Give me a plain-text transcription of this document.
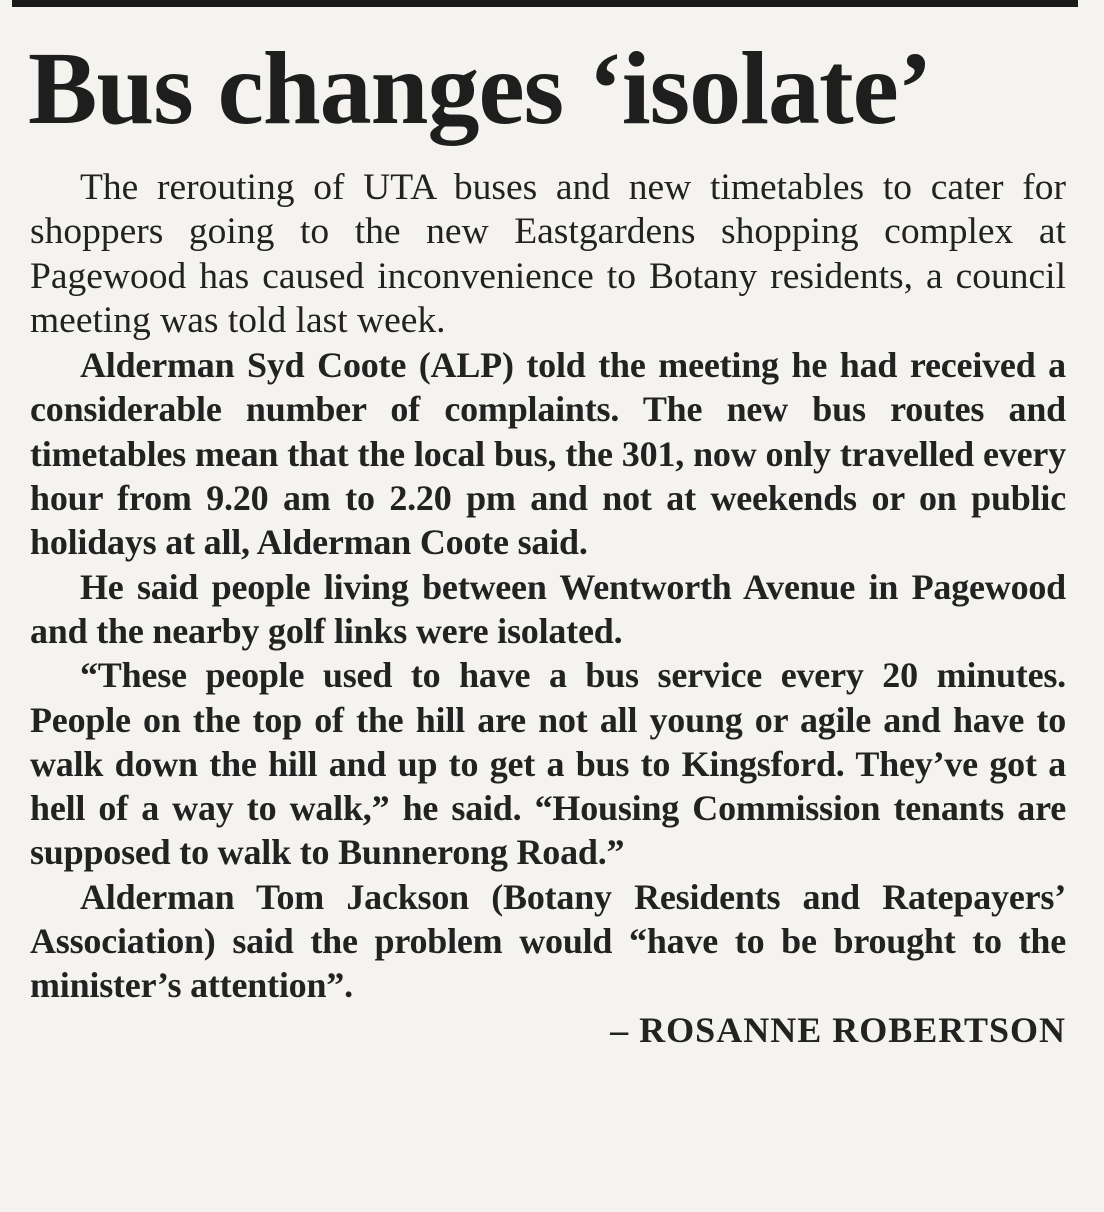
Bus changes ‘isolate’

The rerouting of UTA buses and new timetables to cater for shoppers going to the new Eastgardens shopping complex at Pagewood has caused inconvenience to Botany residents, a council meeting was told last week.

Alderman Syd Coote (ALP) told the meeting he had received a considerable number of complaints. The new bus routes and timetables mean that the local bus, the 301, now only travelled every hour from 9.20 am to 2.20 pm and not at weekends or on public holidays at all, Alderman Coote said.

He said people living between Wentworth Avenue in Pagewood and the nearby golf links were isolated.

“These people used to have a bus service every 20 minutes. People on the top of the hill are not all young or agile and have to walk down the hill and up to get a bus to Kingsford. They’ve got a hell of a way to walk,” he said. “Housing Commission tenants are supposed to walk to Bunnerong Road.”

Alderman Tom Jackson (Botany Residents and Ratepayers’ Association) said the problem would “have to be brought to the minister’s attention”.

– ROSANNE ROBERTSON
